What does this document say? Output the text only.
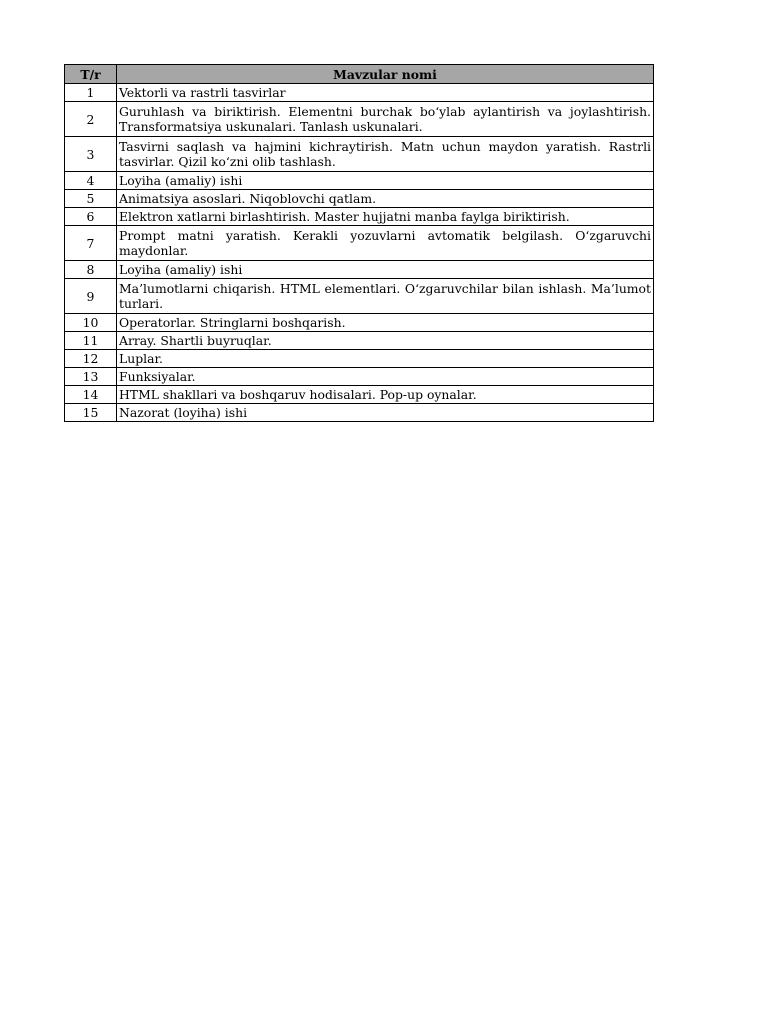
T/r	Mavzular nomi
1	Vektorli va rastrli tasvirlar
2	Guruhlash va biriktirish. Elementni burchak bo‘ylab aylantirish va joylashtirish. Transformatsiya uskunalari. Tanlash uskunalari.
3	Tasvirni saqlash va hajmini kichraytirish. Matn uchun maydon yaratish. Rastrli tasvirlar. Qizil ko‘zni olib tashlash.
4	Loyiha (amaliy) ishi
5	Animatsiya asoslari. Niqoblovchi qatlam.
6	Elektron xatlarni birlashtirish. Master hujjatni manba faylga biriktirish.
7	Prompt matni yaratish. Kerakli yozuvlarni avtomatik belgilash. O‘zgaruvchi maydonlar.
8	Loyiha (amaliy) ishi
9	Ma’lumotlarni chiqarish. HTML elementlari. O‘zgaruvchilar bilan ishlash. Ma’lumot turlari.
10	Operatorlar. Stringlarni boshqarish.
11	Array. Shartli buyruqlar.
12	Luplar.
13	Funksiyalar.
14	HTML shakllari va boshqaruv hodisalari. Pop-up oynalar.
15	Nazorat (loyiha) ishi
